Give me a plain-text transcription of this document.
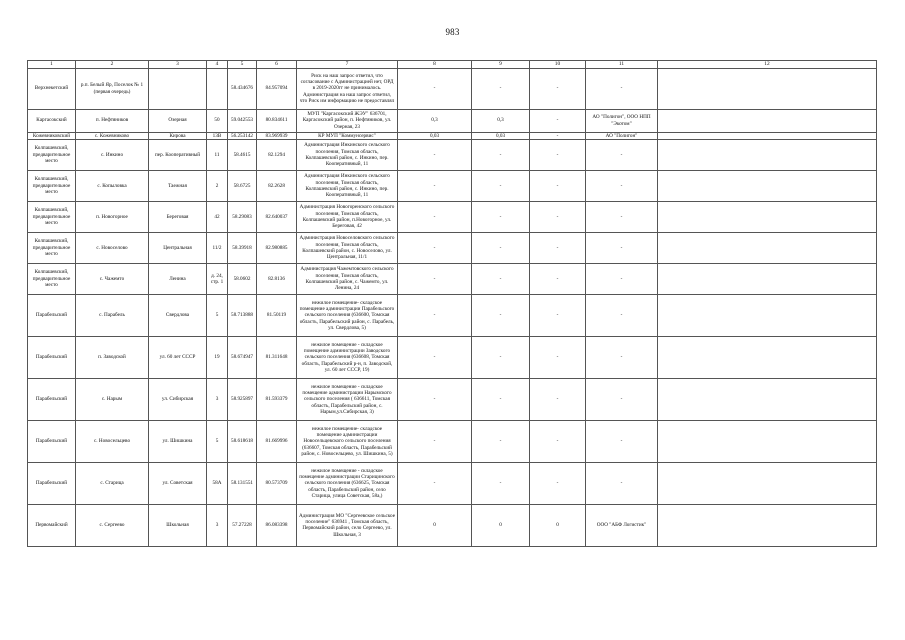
983
1	2	3	4	5	6	7	8	9	10	11	12
Верхнекетский	р.п. Белый Яр, Поселок № 1 (первая очередь)			58.434676	84.957094	Риск на наш запрос ответил, что согласование с Администрацией нет, ОРД в 2019-2020гг не принималось. Администрация на наш запрос ответил, что Риск им информацию не предоставлял	-	-	-	-	
Каргасокский	п. Нефтяников	Озерная	50	59.042553	80.834611	МУП "Каргасокский ЖЭУ" 636701, Каргасокский район, п. Нефтяников, ул. Озерная, 23	0,3	0,3	-	АО "Полигон", ООО НПП "Экотом"	
Кожевниковский	с. Кожевниково	Кирова	13В	56.253142	83.969939	КР МУП "Коммунсервис"	0,03	0,03	-	АО "Полигон"	
Колпашевский, предварительное место	с. Инкино	пер. Кооперативный	11	58.4615	82.1294	Администрация Инкинского сельского поселения, Томская область, Колпашевский район, с. Инкино, пер. Кооперативный, 11	-	-	-	-	
Колпашевский, предварительное место	с. Копыловка	Таежная	2	58.6725	82.2628	Администрация Инкинского сельского поселения, Томская область, Колпашевский район, с. Инкино, пер. Кооперативный, 11	-	-	-	-	
Колпашевский, предварительное место	п. Новогорное	Береговая	42	58.29083	82.640037	Администрация Новогоренского сельского поселения, Томская область, Колпашевский район, п.Новогорное, ул. Береговая, 42	-	-	-	-	
Колпашевский, предварительное место	с. Новоселово	Центральная	11/2	58.39918	82.980885	Администрация Новоселовского сельского поселения, Томская область, Колпашевский район, с. Новоселово, ул. Центральная, 11/1	-	-	-	-	
Колпашевский, предварительное место	с. Чажемто	Ленина	д. 24, стр. 1	58.0602	82.8136	Администрация Чажемтовского сельского поселения, Томская область, Колпашевский район, с. Чажемто, ул. Ленина, 24	-	-	-	-	
Парабельский	с. Парабель	Свердлова	5	58.713888	81.50119	нежилое помещение- складское помещение администрации Парабельского сельского поселения (636600, Томская область, Парабельский район, с. Парабель, ул. Свердлова, 5)	-	-	-	-	
Парабельский	п. Заводской	ул. 60 лет СССР	19	58.674947	81.311648	нежилое помещение - складское помещение администрации Заводского сельского поселения (636608, Томская область, Парабельский р-н, п. Заводской, ул. 60 лет СССР, 19)	-	-	-	-	
Парабельский	с. Нарым	ул. Сибирская	3	58.925897	81.593379	нежилое помещение - складское помещение администрации Нарымского сельского поселения ( 636611, Томская область, Парабельский район, с. Нарым,ул.Сибирская, 3)	-	-	-	-	
Парабельский	с. Новосельцево	ул. Шишкина	5	58.618618	81.669996	нежилое помещение- складское помещение администрации Новосельцевского сельского поселения (636607, Томская область, Парабельский район, с. Новосельцево, ул. Шишкина, 5)	-	-	-	-	
Парабельский	с. Старица	ул. Советская	58А	58.131551	80.573709	нежилое помещение - складское помещение администрации Старицинского сельского поселения (636625, Томская область, Парабельский район, село Старица, улица Советская, 58а,)	-	-	-	-	
Первомайский	с. Сергеево	Школьная	3	57.27228	86.083398	Администрация МО "Сергеевское сельское поселение" 636941 , Томская область, Первомайский район, село Сергеево, ул. Школьная, 3	0	0	0	ООО "АБФ Логистик"	
